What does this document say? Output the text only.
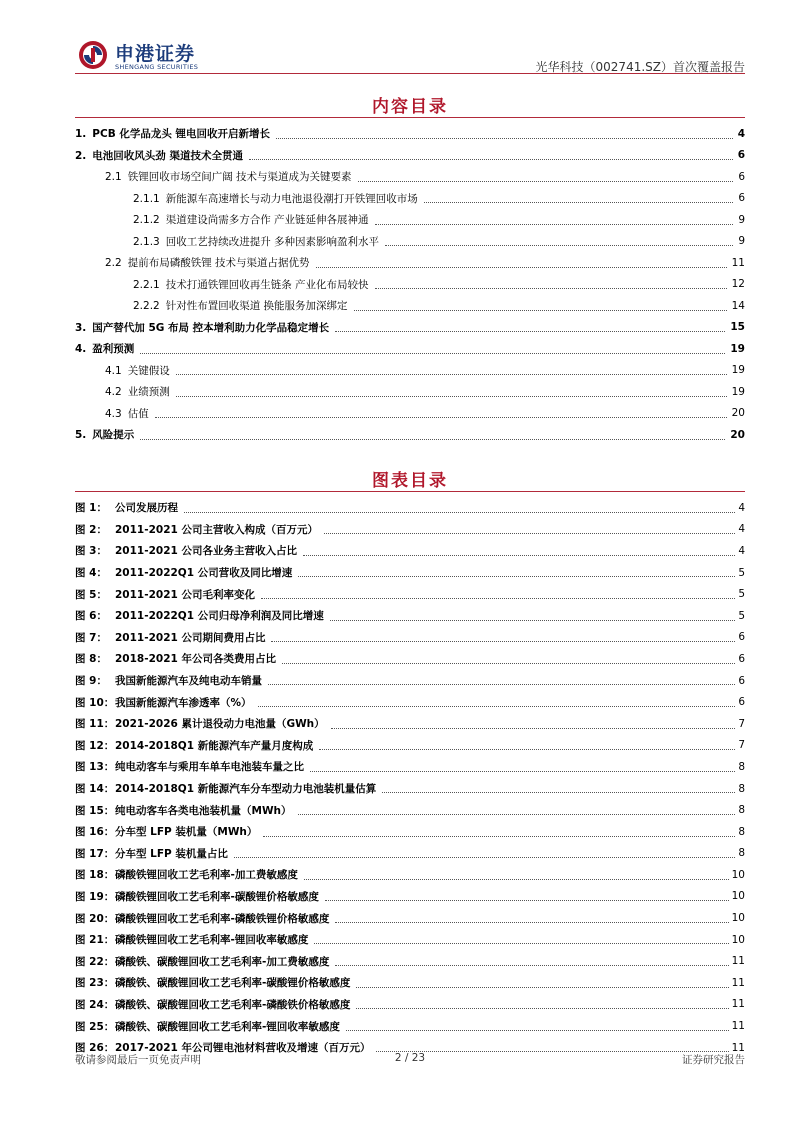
申港证券
SHENGANG SECURITIES	光华科技（002741.SZ）首次覆盖报告
内容目录
1. PCB 化学品龙头 锂电回收开启新增长	4
2. 电池回收风头劲 渠道技术全贯通	6
2.1 铁锂回收市场空间广阔 技术与渠道成为关键要素	6
2.1.1 新能源车高速增长与动力电池退役潮打开铁锂回收市场	6
2.1.2 渠道建设尚需多方合作 产业链延伸各展神通	9
2.1.3 回收工艺持续改进提升 多种因素影响盈利水平	9
2.2 提前布局磷酸铁锂 技术与渠道占据优势	11
2.2.1 技术打通铁锂回收再生链条 产业化布局较快	12
2.2.2 针对性布置回收渠道 换能服务加深绑定	14
3. 国产替代加 5G 布局 控本增利助力化学品稳定增长	15
4. 盈利预测	19
4.1 关键假设	19
4.2 业绩预测	19
4.3 估值	20
5. 风险提示	20
图表目录
图 1： 公司发展历程	4
图 2： 2011-2021 公司主营收入构成（百万元）	4
图 3： 2011-2021 公司各业务主营收入占比	4
图 4： 2011-2022Q1 公司营收及同比增速	5
图 5： 2011-2021 公司毛利率变化	5
图 6： 2011-2022Q1 公司归母净利润及同比增速	5
图 7： 2011-2021 公司期间费用占比	6
图 8： 2018-2021 年公司各类费用占比	6
图 9： 我国新能源汽车及纯电动车销量	6
图 10： 我国新能源汽车渗透率（%）	6
图 11： 2021-2026 累计退役动力电池量（GWh）	7
图 12： 2014-2018Q1 新能源汽车产量月度构成	7
图 13： 纯电动客车与乘用车单车电池装车量之比	8
图 14： 2014-2018Q1 新能源汽车分车型动力电池装机量估算	8
图 15： 纯电动客车各类电池装机量（MWh）	8
图 16： 分车型 LFP 装机量（MWh）	8
图 17： 分车型 LFP 装机量占比	8
图 18： 磷酸铁锂回收工艺毛利率-加工费敏感度	10
图 19： 磷酸铁锂回收工艺毛利率-碳酸锂价格敏感度	10
图 20： 磷酸铁锂回收工艺毛利率-磷酸铁锂价格敏感度	10
图 21： 磷酸铁锂回收工艺毛利率-锂回收率敏感度	10
图 22： 磷酸铁、碳酸锂回收工艺毛利率-加工费敏感度	11
图 23： 磷酸铁、碳酸锂回收工艺毛利率-碳酸锂价格敏感度	11
图 24： 磷酸铁、碳酸锂回收工艺毛利率-磷酸铁价格敏感度	11
图 25： 磷酸铁、碳酸锂回收工艺毛利率-锂回收率敏感度	11
图 26： 2017-2021 年公司锂电池材料营收及增速（百万元）	11
敬请参阅最后一页免责声明	2 / 23	证券研究报告
